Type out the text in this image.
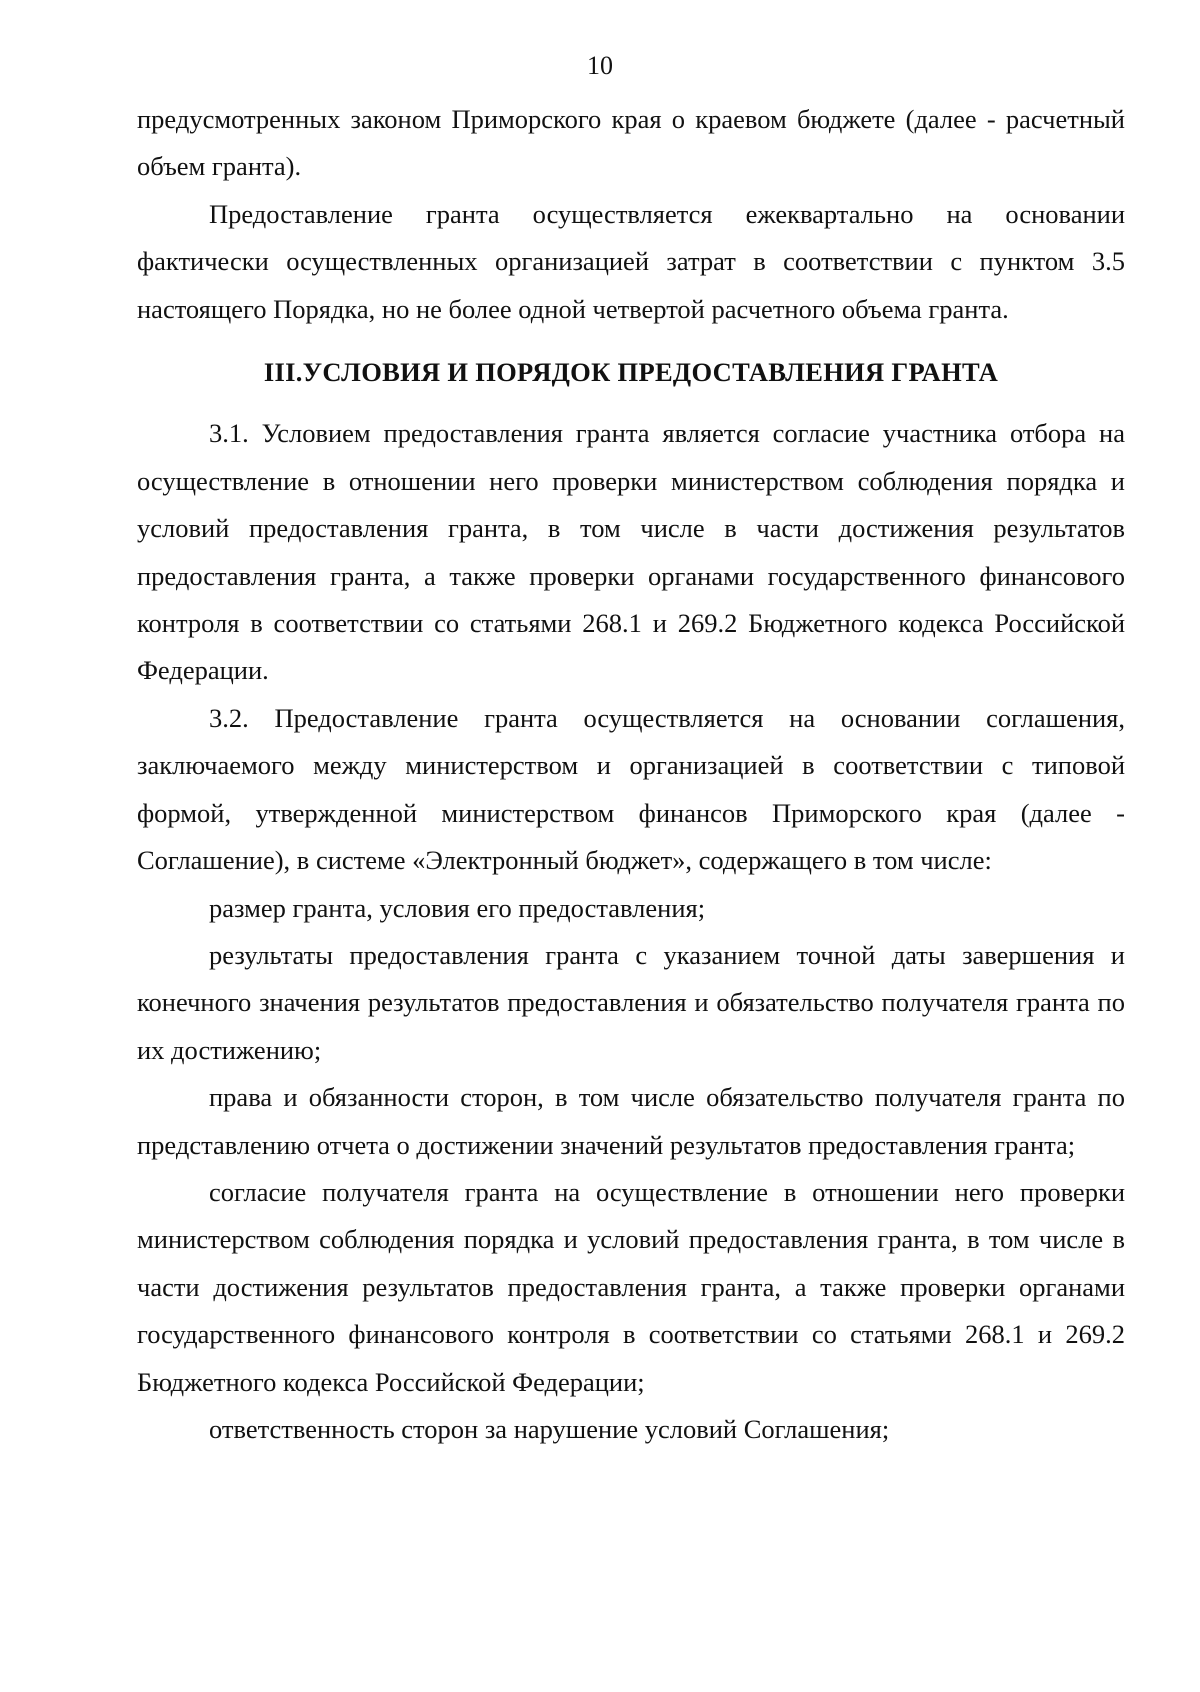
10

предусмотренных законом Приморского края о краевом бюджете (далее - расчетный объем гранта).

Предоставление гранта осуществляется ежеквартально на основании фактически осуществленных организацией затрат в соответствии с пунктом 3.5 настоящего Порядка, но не более одной четвертой расчетного объема гранта.

III.УСЛОВИЯ И ПОРЯДОК ПРЕДОСТАВЛЕНИЯ ГРАНТА

3.1. Условием предоставления гранта является согласие участника отбора на осуществление в отношении него проверки министерством соблюдения порядка и условий предоставления гранта, в том числе в части достижения результатов предоставления гранта, а также проверки органами государственного финансового контроля в соответствии со статьями 268.1 и 269.2 Бюджетного кодекса Российской Федерации.

3.2. Предоставление гранта осуществляется на основании соглашения, заключаемого между министерством и организацией в соответствии с типовой формой, утвержденной министерством финансов Приморского края (далее - Соглашение), в системе «Электронный бюджет», содержащего в том числе:

размер гранта, условия его предоставления;

результаты предоставления гранта с указанием точной даты завершения и конечного значения результатов предоставления и обязательство получателя гранта по их достижению;

права и обязанности сторон, в том числе обязательство получателя гранта по представлению отчета о достижении значений результатов предоставления гранта;

согласие получателя гранта на осуществление в отношении него проверки министерством соблюдения порядка и условий предоставления гранта, в том числе в части достижения результатов предоставления гранта, а также проверки органами государственного финансового контроля в соответствии со статьями 268.1 и 269.2 Бюджетного кодекса Российской Федерации;

ответственность сторон за нарушение условий Соглашения;
